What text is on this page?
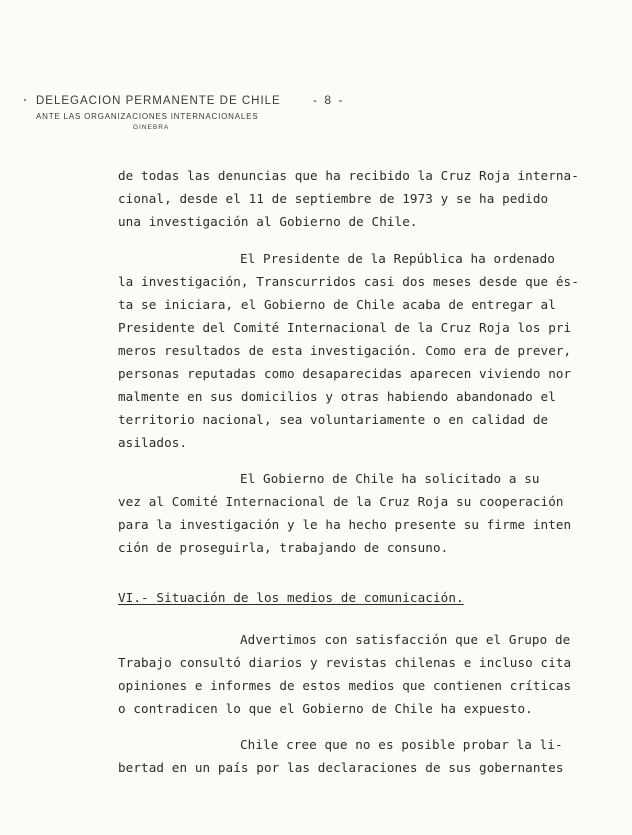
DELEGACION PERMANENTE DE CHILE	- 8 -
ANTE LAS ORGANIZACIONES INTERNACIONALES
GINEBRA
de todas las denuncias que ha recibido la Cruz Roja interna-
cional, desde el 11 de septiembre de 1973 y se ha pedido
una investigación al Gobierno de Chile.
El Presidente de la República ha ordenado
la investigación, Transcurridos casi dos meses desde que és-
ta se iniciara, el Gobierno de Chile acaba de entregar al
Presidente del Comité Internacional de la Cruz Roja los pri
meros resultados de esta investigación. Como era de prever,
personas reputadas como desaparecidas aparecen viviendo nor
malmente en sus domicilios y otras habiendo abandonado el
territorio nacional, sea voluntariamente o en calidad de
asilados.
El Gobierno de Chile ha solicitado a su
vez al Comité Internacional de la Cruz Roja su cooperación
para la investigación y le ha hecho presente su firme inten
ción de proseguirla, trabajando de consuno.
VI.- Situación de los medios de comunicación.
Advertimos con satisfacción que el Grupo de
Trabajo consultó diarios y revistas chilenas e incluso cita
opiniones e informes de estos medios que contienen críticas
o contradicen lo que el Gobierno de Chile ha expuesto.
Chile cree que no es posible probar la li-
bertad en un país por las declaraciones de sus gobernantes
